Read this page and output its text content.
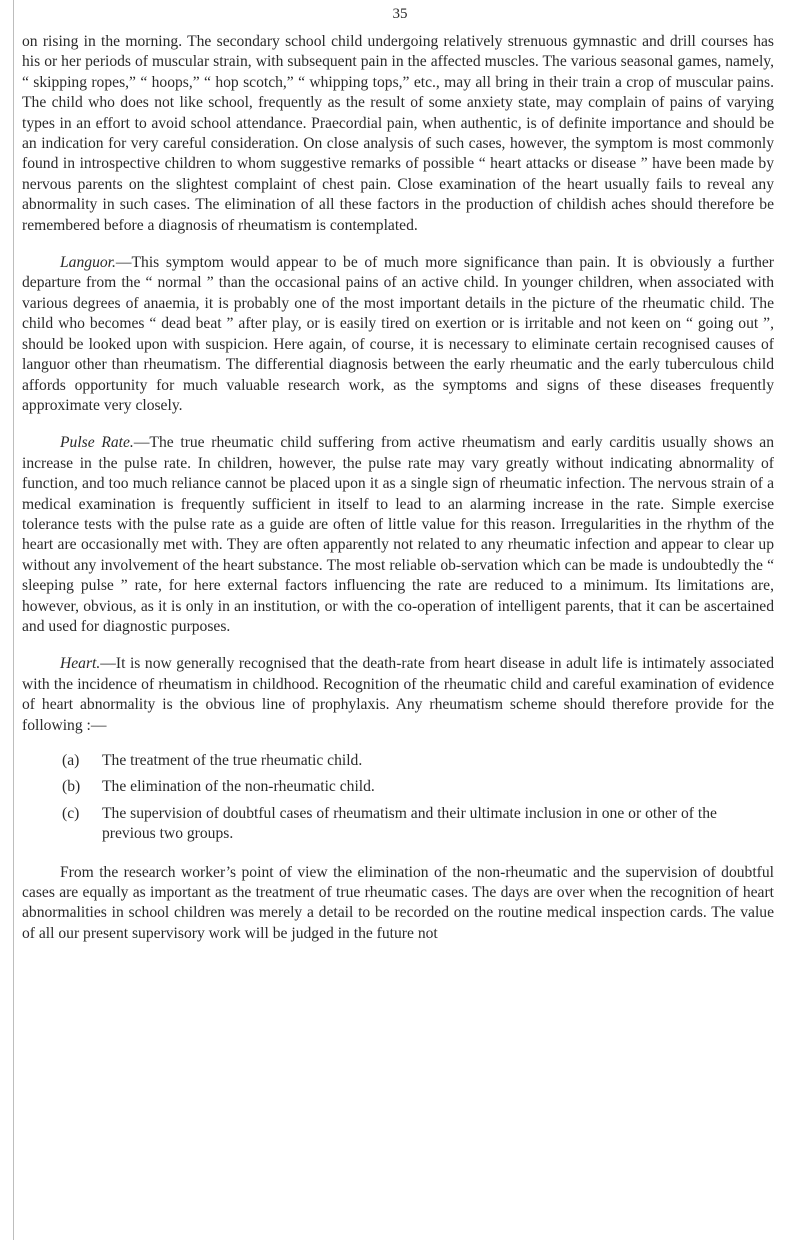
35

on rising in the morning. The secondary school child undergoing relatively strenuous gymnastic and drill courses has his or her periods of muscular strain, with subsequent pain in the affected muscles. The various seasonal games, namely, “ skipping ropes,” “ hoops,” “ hop scotch,” “ whipping tops,” etc., may all bring in their train a crop of muscular pains. The child who does not like school, frequently as the result of some anxiety state, may complain of pains of varying types in an effort to avoid school attendance. Praecordial pain, when authentic, is of definite importance and should be an indication for very careful consideration. On close analysis of such cases, however, the symptom is most commonly found in introspective children to whom suggestive remarks of possible “ heart attacks or disease ” have been made by nervous parents on the slightest complaint of chest pain. Close examination of the heart usually fails to reveal any abnormality in such cases. The elimination of all these factors in the production of childish aches should therefore be remembered before a diagnosis of rheumatism is contemplated.

Languor.—This symptom would appear to be of much more significance than pain. It is obviously a further departure from the “ normal ” than the occasional pains of an active child. In younger children, when associated with various degrees of anaemia, it is probably one of the most important details in the picture of the rheumatic child. The child who becomes “ dead beat ” after play, or is easily tired on exertion or is irritable and not keen on “ going out ”, should be looked upon with suspicion. Here again, of course, it is necessary to eliminate certain recognised causes of languor other than rheumatism. The differential diagnosis between the early rheumatic and the early tuberculous child affords opportunity for much valuable research work, as the symptoms and signs of these diseases frequently approximate very closely.

Pulse Rate.—The true rheumatic child suffering from active rheumatism and early carditis usually shows an increase in the pulse rate. In children, however, the pulse rate may vary greatly without indicating abnormality of function, and too much reliance cannot be placed upon it as a single sign of rheumatic infection. The nervous strain of a medical examination is frequently sufficient in itself to lead to an alarming increase in the rate. Simple exercise tolerance tests with the pulse rate as a guide are often of little value for this reason. Irregularities in the rhythm of the heart are occasionally met with. They are often apparently not related to any rheumatic infection and appear to clear up without any involvement of the heart substance. The most reliable ob-servation which can be made is undoubtedly the “ sleeping pulse ” rate, for here external factors influencing the rate are reduced to a minimum. Its limitations are, however, obvious, as it is only in an institution, or with the co-operation of intelligent parents, that it can be ascertained and used for diagnostic purposes.

Heart.—It is now generally recognised that the death-rate from heart disease in adult life is intimately associated with the incidence of rheumatism in childhood. Recognition of the rheumatic child and careful examination of evidence of heart abnormality is the obvious line of prophylaxis. Any rheumatism scheme should therefore provide for the following :—

(a)	The treatment of the true rheumatic child.
(b)	The elimination of the non-rheumatic child.
(c)	The supervision of doubtful cases of rheumatism and their ultimate inclusion in one or other of the previous two groups.

From the research worker’s point of view the elimination of the non-rheumatic and the supervision of doubtful cases are equally as important as the treatment of true rheumatic cases. The days are over when the recognition of heart abnormalities in school children was merely a detail to be recorded on the routine medical inspection cards. The value of all our present supervisory work will be judged in the future not
